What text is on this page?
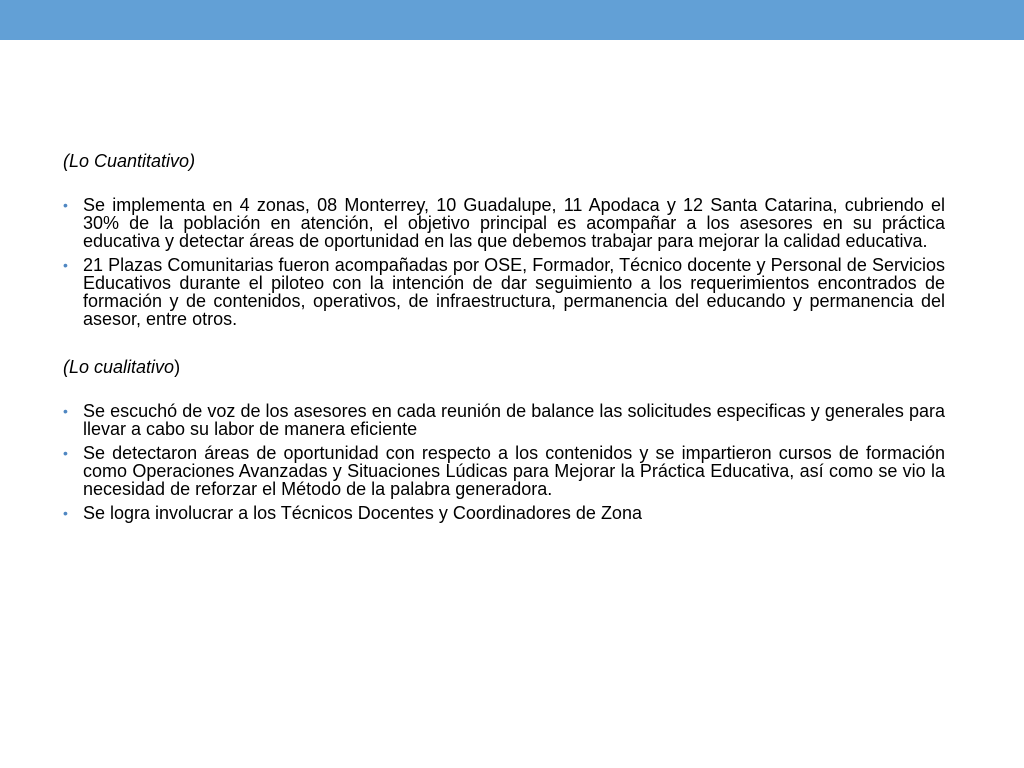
(Lo Cuantitativo)

• Se implementa en 4 zonas, 08 Monterrey, 10 Guadalupe, 11 Apodaca y 12 Santa Catarina, cubriendo el 30% de la población en atención, el objetivo principal es acompañar a los asesores en su práctica educativa y detectar áreas de oportunidad en las que debemos trabajar para mejorar la calidad educativa.
• 21 Plazas Comunitarias fueron acompañadas por OSE, Formador, Técnico docente y Personal de Servicios Educativos durante el piloteo con la intención de dar seguimiento a los requerimientos encontrados de formación y de contenidos, operativos, de infraestructura, permanencia del educando y permanencia del asesor, entre otros.

(Lo cualitativo)

• Se escuchó de voz de los asesores en cada reunión de balance las solicitudes especificas y generales para llevar a cabo su labor de manera eficiente
• Se detectaron áreas de oportunidad con respecto a los contenidos y se impartieron cursos de formación como Operaciones Avanzadas y Situaciones Lúdicas para Mejorar la Práctica Educativa, así como se vio la necesidad de reforzar el Método de la palabra generadora.
• Se logra involucrar a los Técnicos Docentes y Coordinadores de Zona
